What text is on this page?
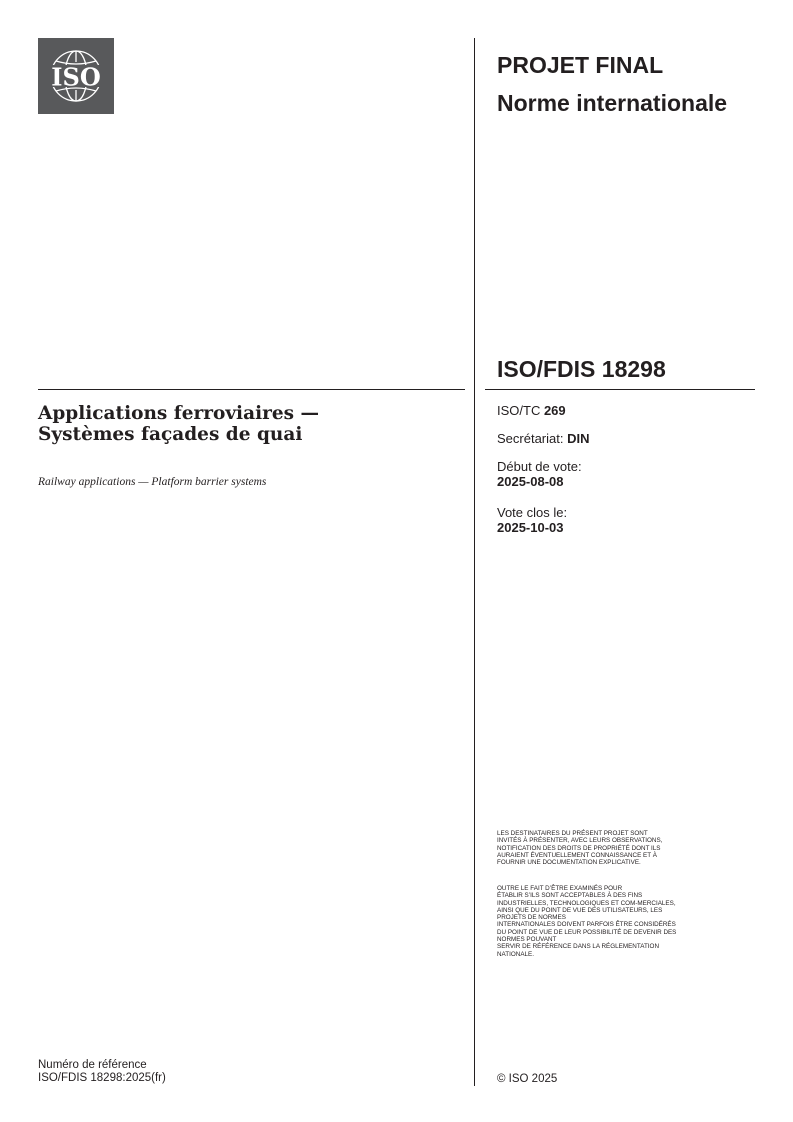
ISO	PROJET FINAL
Norme internationale
ISO/FDIS 18298
ISO/TC 269
Secrétariat: DIN
Début de vote:
2025-08-08
Vote clos le:
2025-10-03
Applications ferroviaires —
Systèmes façades de quai
Railway applications — Platform barrier systems
LES DESTINATAIRES DU PRÉSENT PROJET SONT
INVITÉS À PRÉSENTER, AVEC LEURS OBSERVATIONS,
NOTIFICATION DES DROITS DE PROPRIÉTÉ DONT ILS
AURAIENT ÉVENTUELLEMENT CONNAISSANCE ET À
FOURNIR UNE DOCUMENTATION EXPLICATIVE.
OUTRE LE FAIT D’ÊTRE EXAMINÉS POUR
ÉTABLIR S’ILS SONT ACCEPTABLES À DES FINS
INDUSTRIELLES, TECHNOLOGIQUES ET COM-MERCIALES,
AINSI QUE DU POINT DE VUE DES UTILISATEURS, LES
PROJETS DE NORMES
INTERNATIONALES DOIVENT PARFOIS ÊTRE CONSIDÉRÉS
DU POINT DE VUE DE LEUR POSSIBILITÉ DE DEVENIR DES
NORMES POUVANT
SERVIR DE RÉFÉRENCE DANS LA RÉGLEMENTATION
NATIONALE.
Numéro de référence
ISO/FDIS 18298:2025(fr)	© ISO 2025
